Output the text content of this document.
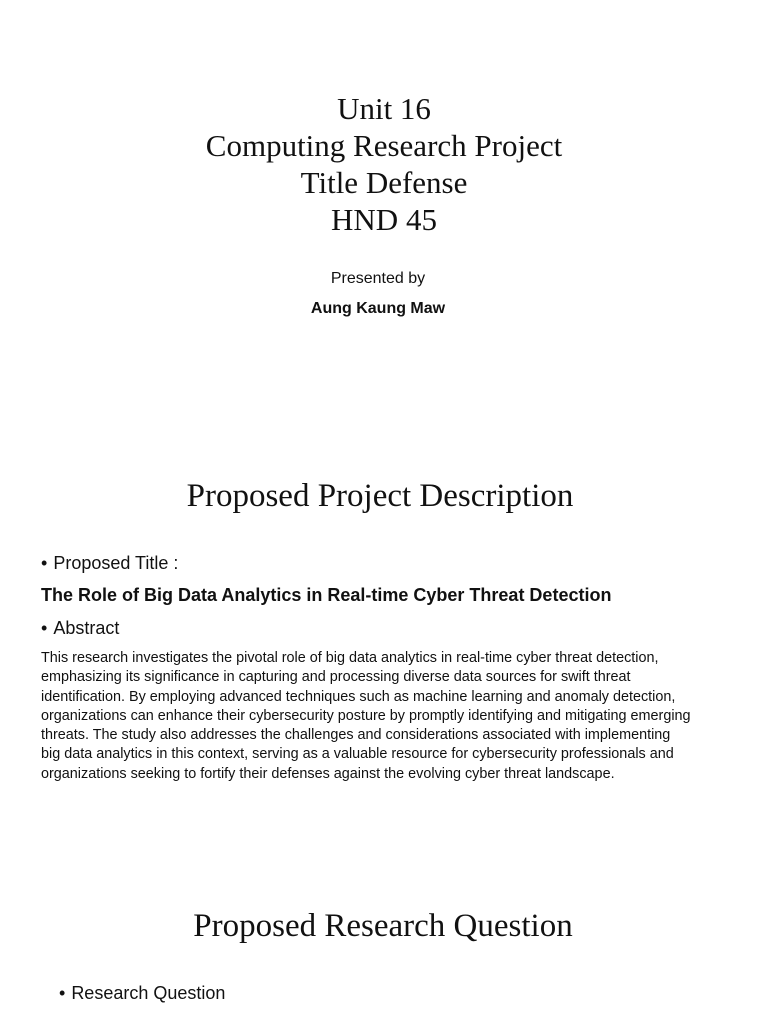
Unit 16
Computing Research Project
Title Defense
HND 45
Presented by
Aung Kaung Maw
Proposed Project Description
• Proposed Title :
The Role of Big Data Analytics in Real-time Cyber Threat Detection
• Abstract
This research investigates the pivotal role of big data analytics in real-time cyber threat detection, emphasizing its significance in capturing and processing diverse data sources for swift threat identification. By employing advanced techniques such as machine learning and anomaly detection, organizations can enhance their cybersecurity posture by promptly identifying and mitigating emerging threats. The study also addresses the challenges and considerations associated with implementing big data analytics in this context, serving as a valuable resource for cybersecurity professionals and organizations seeking to fortify their defenses against the evolving cyber threat landscape.
Proposed Research Question
• Research Question
